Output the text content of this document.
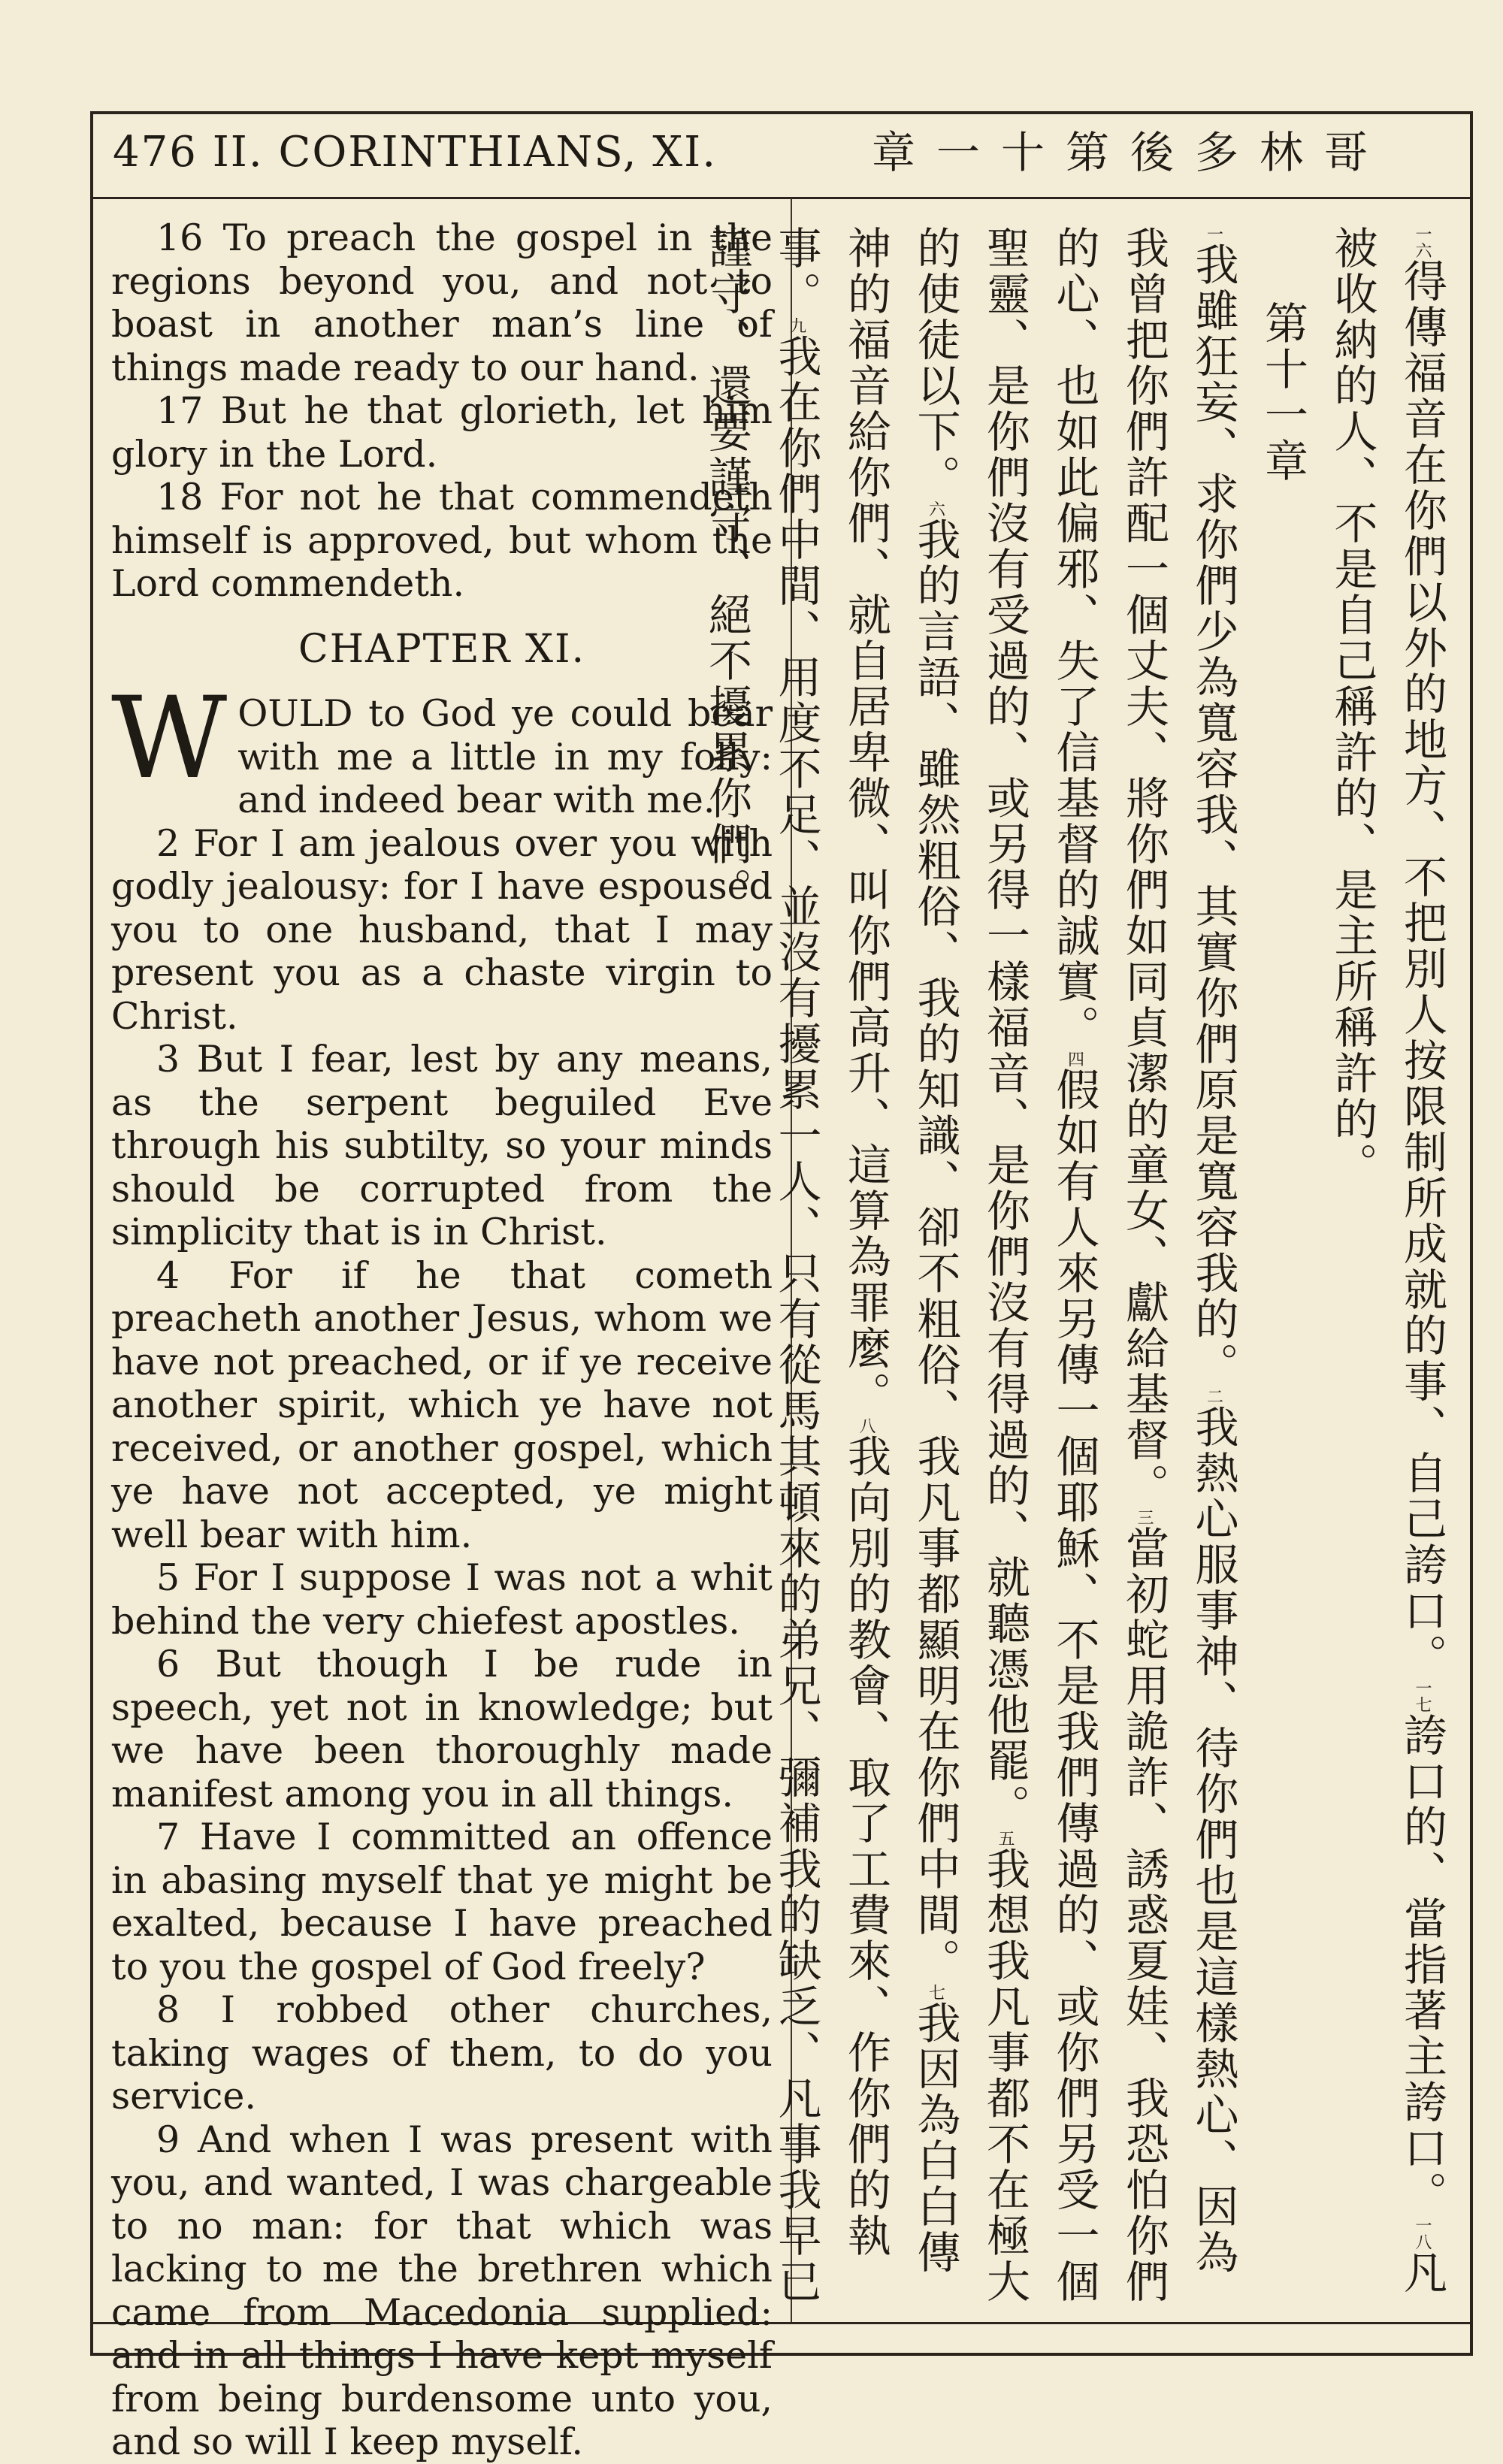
476 II. CORINTHIANS, XI.	章一十第後多林哥

16 To preach the gospel in the regions beyond you, and not to boast in another man’s line of things made ready to our hand.

17 But he that glorieth, let him glory in the Lord.

18 For not he that commendeth himself is approved, but whom the Lord commendeth.

CHAPTER XI.

WOULD to God ye could bear with me a little in my folly: and indeed bear with me.

2 For I am jealous over you with godly jealousy: for I have espoused you to one husband, that I may present you as a chaste virgin to Christ.

3 But I fear, lest by any means, as the serpent beguiled Eve through his subtilty, so your minds should be corrupted from the simplicity that is in Christ.

4 For if he that cometh preacheth another Jesus, whom we have not preached, or if ye receive another spirit, which ye have not received, or another gospel, which ye have not accepted, ye might well bear with him.

5 For I suppose I was not a whit behind the very chiefest apostles.

6 But though I be rude in speech, yet not in knowledge; but we have been thoroughly made manifest among you in all things.

7 Have I committed an offence in abasing myself that ye might be exalted, because I have preached to you the gospel of God freely?

8 I robbed other churches, taking wages of them, to do you service.

9 And when I was present with you, and wanted, I was chargeable to no man: for that which was lacking to me the brethren which came from Macedonia supplied: and in all things I have kept myself from being burdensome unto you, and so will I keep myself.

一六得傳福音在你們以外的地方、不把別人按限制所成就的事、自己誇口。一七誇口的、當指著主誇口。一八凡被收納的人、不是自己稱許的、是主所稱許的。

第十一章

一我雖狂妄、求你們少為寬容我、其實你們原是寬容我的。二我熱心服事神、待你們也是這樣熱心、因為我曾把你們許配一個丈夫、將你們如同貞潔的童女、獻給基督。三當初蛇用詭詐、誘惑夏娃、我恐怕你們的心、也如此偏邪、失了信基督的誠實。四假如有人來另傳一個耶穌、不是我們傳過的、或你們另受一個聖靈、是你們沒有受過的、或另得一樣福音、是你們沒有得過的、就聽憑他罷。五我想我凡事都不在極大的使徒以下。六我的言語、雖然粗俗、我的知識、卻不粗俗、我凡事都顯明在你們中間。七我因為白白傳神的福音給你們、就自居卑微、叫你們高升、這算為罪麼。八我向別的教會、取了工費來、作你們的執事。九我在你們中間、用度不足、並沒有擾累一人、只有從馬其頓來的弟兄、彌補我的缺乏、凡事我早已謹守、還要謹守、絕不擾累你們。
